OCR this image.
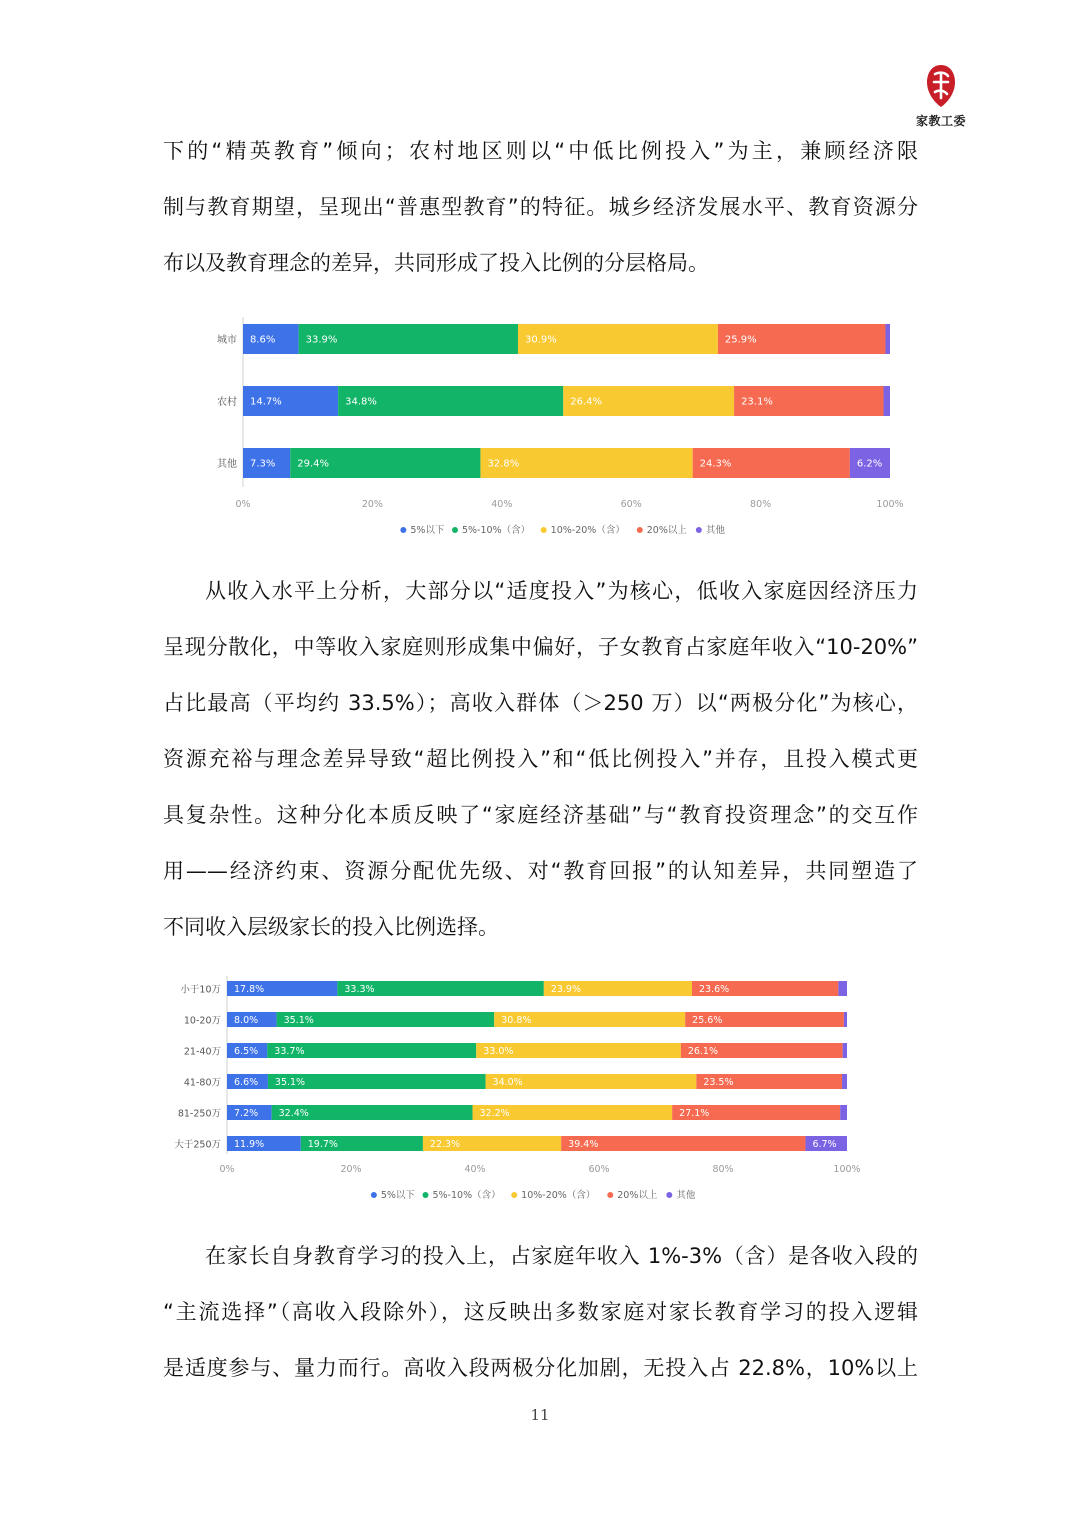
家教工委
下的“精英教育”倾向；农村地区则以“中低比例投入”为主，兼顾经济限
制与教育期望，呈现出“普惠型教育”的特征。城乡经济发展水平、教育资源分
布以及教育理念的差异，共同形成了投入比例的分层格局。
城市 8.6%	33.9%	30.9%	25.9%
农村 14.7%	34.8%	26.4%	23.1%
其他 7.3% 29.4%	32.8%	24.3%	6.2%
0%	20%	40%	60%	80%	100%
5%以下 5%-10%（含） 10%-20%（含） 20%以上 其他
从收入水平上分析，大部分以“适度投入”为核心，低收入家庭因经济压力
呈现分散化，中等收入家庭则形成集中偏好，子女教育占家庭年收入“10-20%”
占比最高（平均约 33.5%）；高收入群体（＞250 万）以“两极分化”为核心，
资源充裕与理念差异导致“超比例投入”和“低比例投入”并存，且投入模式更
具复杂性。这种分化本质反映了“家庭经济基础”与“教育投资理念”的交互作
用——经济约束、资源分配优先级、对“教育回报”的认知差异，共同塑造了
不同收入层级家长的投入比例选择。
小于10万 17.8%	33.3%	23.9%	23.6%
10-20万 8.0%	35.1%	30.8%	25.6%
21-40万 6.5% 33.7%	33.0%	26.1%
41-80万 6.6% 35.1%	34.0%	23.5%
81-250万 7.2% 32.4%	32.2%	27.1%
大于250万 11.9%	19.7%	22.3%	39.4%	6.7%
0%	20%	40%	60%	80%	100%
5%以下 5%-10%（含） 10%-20%（含） 20%以上 其他
在家长自身教育学习的投入上，占家庭年收入 1%-3%（含）是各收入段的
“主流选择”（高收入段除外），这反映出多数家庭对家长教育学习的投入逻辑
是适度参与、量力而行。高收入段两极分化加剧，无投入占 22.8%，10%以上
11
